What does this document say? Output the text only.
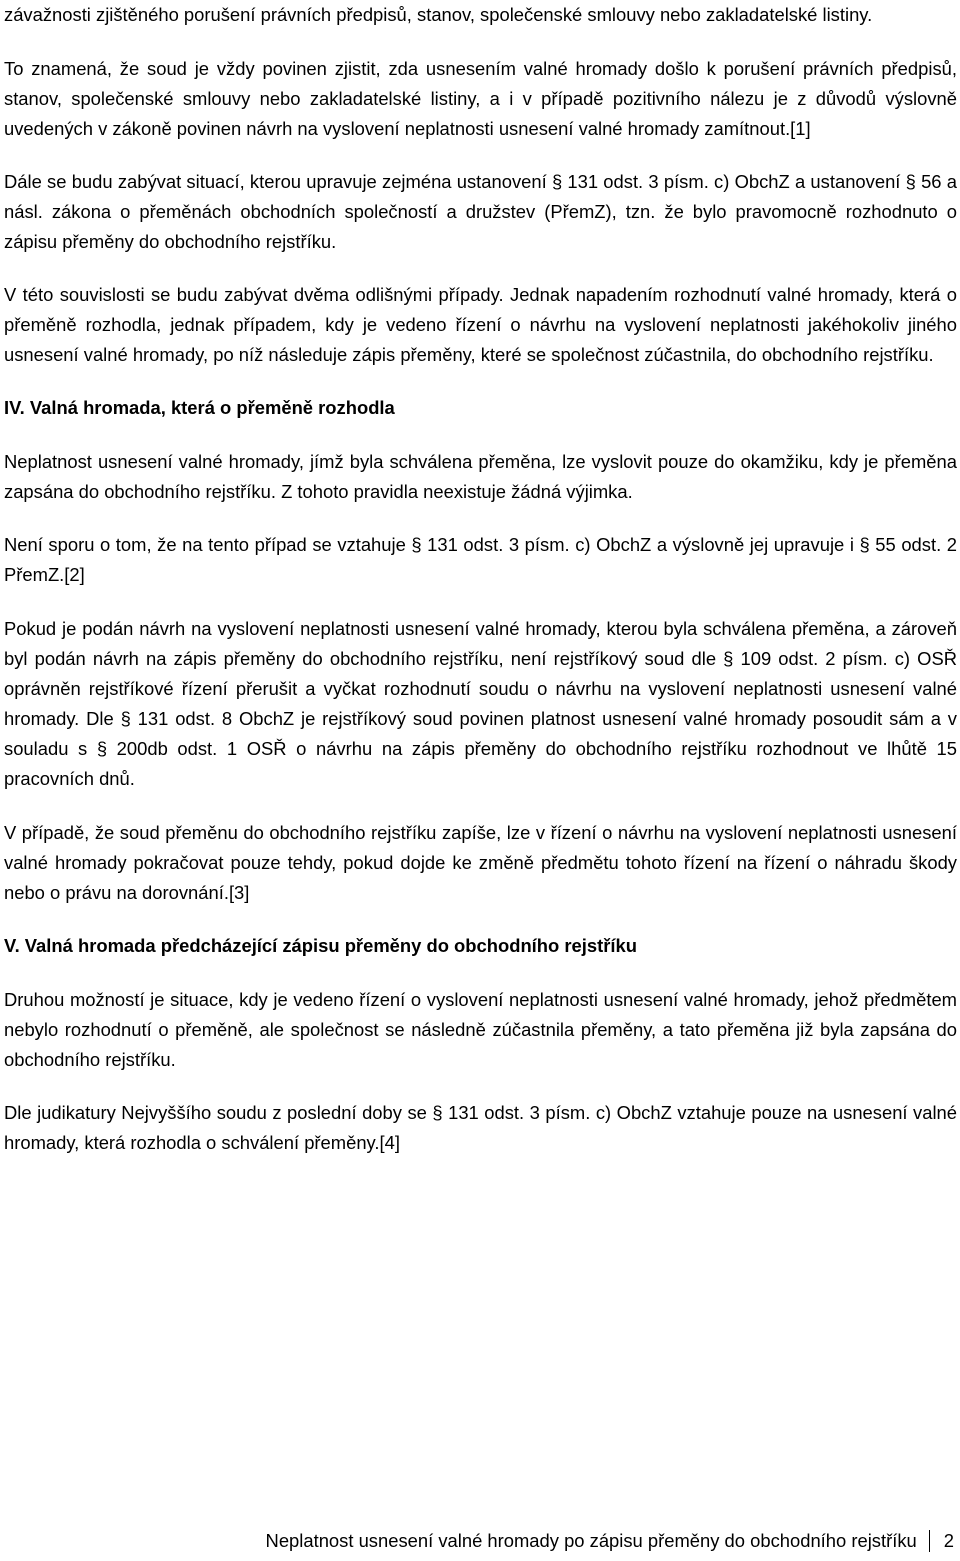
závažnosti zjištěného porušení právních předpisů, stanov, společenské smlouvy nebo zakladatelské listiny.

To znamená, že soud je vždy povinen zjistit, zda usnesením valné hromady došlo k porušení právních předpisů, stanov, společenské smlouvy nebo zakladatelské listiny, a i v případě pozitivního nálezu je z důvodů výslovně uvedených v zákoně povinen návrh na vyslovení neplatnosti usnesení valné hromady zamítnout.[1]

Dále se budu zabývat situací, kterou upravuje zejména ustanovení § 131 odst. 3 písm. c) ObchZ a ustanovení § 56 a násl. zákona o přeměnách obchodních společností a družstev (PřemZ), tzn. že bylo pravomocně rozhodnuto o zápisu přeměny do obchodního rejstříku.

V této souvislosti se budu zabývat dvěma odlišnými případy. Jednak napadením rozhodnutí valné hromady, která o přeměně rozhodla, jednak případem, kdy je vedeno řízení o návrhu na vyslovení neplatnosti jakéhokoliv jiného usnesení valné hromady, po níž následuje zápis přeměny, které se společnost zúčastnila, do obchodního rejstříku.

IV. Valná hromada, která o přeměně rozhodla

Neplatnost usnesení valné hromady, jímž byla schválena přeměna, lze vyslovit pouze do okamžiku, kdy je přeměna zapsána do obchodního rejstříku. Z tohoto pravidla neexistuje žádná výjimka.

Není sporu o tom, že na tento případ se vztahuje § 131 odst. 3 písm. c) ObchZ a výslovně jej upravuje i § 55 odst. 2 PřemZ.[2]

Pokud je podán návrh na vyslovení neplatnosti usnesení valné hromady, kterou byla schválena přeměna, a zároveň byl podán návrh na zápis přeměny do obchodního rejstříku, není rejstříkový soud dle § 109 odst. 2 písm. c) OSŘ oprávněn rejstříkové řízení přerušit a vyčkat rozhodnutí soudu o návrhu na vyslovení neplatnosti usnesení valné hromady. Dle § 131 odst. 8 ObchZ je rejstříkový soud povinen platnost usnesení valné hromady posoudit sám a v souladu s § 200db odst. 1 OSŘ o návrhu na zápis přeměny do obchodního rejstříku rozhodnout ve lhůtě 15 pracovních dnů.

V případě, že soud přeměnu do obchodního rejstříku zapíše, lze v řízení o návrhu na vyslovení neplatnosti usnesení valné hromady pokračovat pouze tehdy, pokud dojde ke změně předmětu tohoto řízení na řízení o náhradu škody nebo o právu na dorovnání.[3]

V. Valná hromada předcházející zápisu přeměny do obchodního rejstříku

Druhou možností je situace, kdy je vedeno řízení o vyslovení neplatnosti usnesení valné hromady, jehož předmětem nebylo rozhodnutí o přeměně, ale společnost se následně zúčastnila přeměny, a tato přeměna již byla zapsána do obchodního rejstříku.

Dle judikatury Nejvyššího soudu z poslední doby se § 131 odst. 3 písm. c) ObchZ vztahuje pouze na usnesení valné hromady, která rozhodla o schválení přeměny.[4]

Neplatnost usnesení valné hromady po zápisu přeměny do obchodního rejstříku 2
